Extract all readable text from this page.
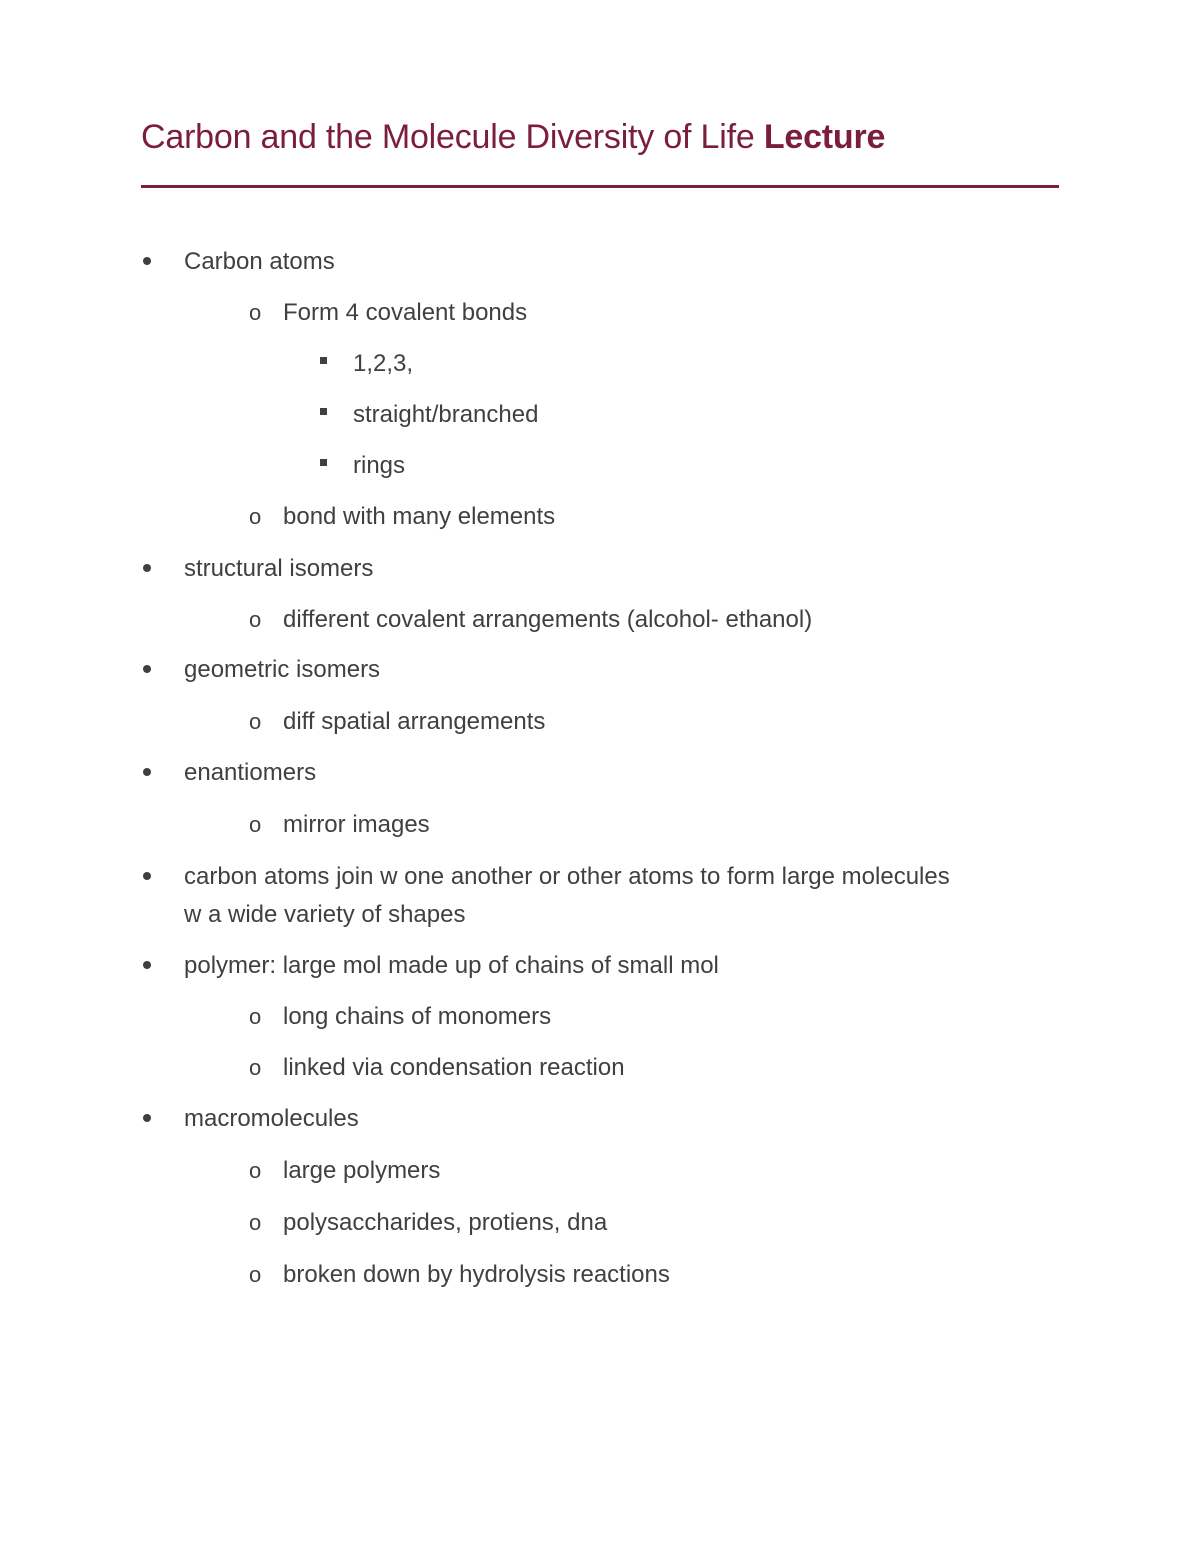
Carbon and the Molecule Diversity of Life Lecture
Carbon atoms
o Form 4 covalent bonds
1,2,3,
straight/branched
rings
o bond with many elements
structural isomers
o different covalent arrangements (alcohol- ethanol)
geometric isomers
o diff spatial arrangements
enantiomers
o mirror images
carbon atoms join w one another or other atoms to form large molecules
w a wide variety of shapes
polymer: large mol made up of chains of small mol
o long chains of monomers
o linked via condensation reaction
macromolecules
o large polymers
o polysaccharides, protiens, dna
o broken down by hydrolysis reactions
